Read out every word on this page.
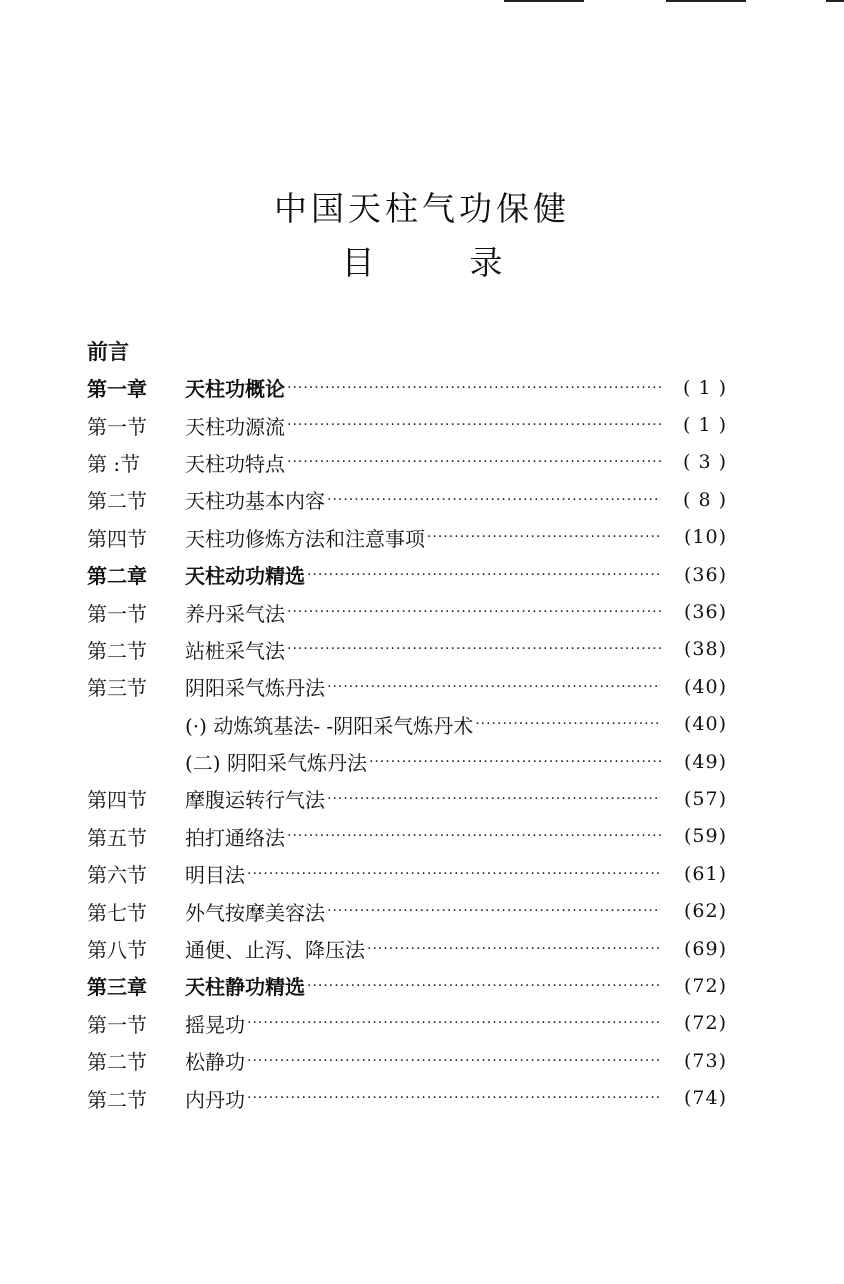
中国天柱气功保健
目	录
前言
第一章	天柱功概论 ·····	( 1 )
第一节	天柱功源流 ·····	( 1 )
第 :节	天柱功特点 ·····	( 3 )
第二节	天柱功基本内容 ·····	( 8 )
第四节	天柱功修炼方法和注意事项 ·····	(10)
第二章	天柱动功精选 ·····	(36)
第一节	养丹采气法 ·····	(36)
第二节	站桩采气法 ·····	(38)
第三节	阴阳采气炼丹法 ·····	(40)
(·) 动炼筑基法- -阴阳采气炼丹术 ·····	(40)
(二) 阴阳采气炼丹法 ·····	(49)
第四节	摩腹运转行气法 ·····	(57)
第五节	拍打通络法 ·····	(59)
第六节	明目法 ·····	(61)
第七节	外气按摩美容法 ·····	(62)
第八节	通便、止泻、降压法 ·····	(69)
第三章	天柱静功精选 ·····	(72)
第一节	摇晃功 ·····	(72)
第二节	松静功 ·····	(73)
第二节	内丹功 ·····	(74)
